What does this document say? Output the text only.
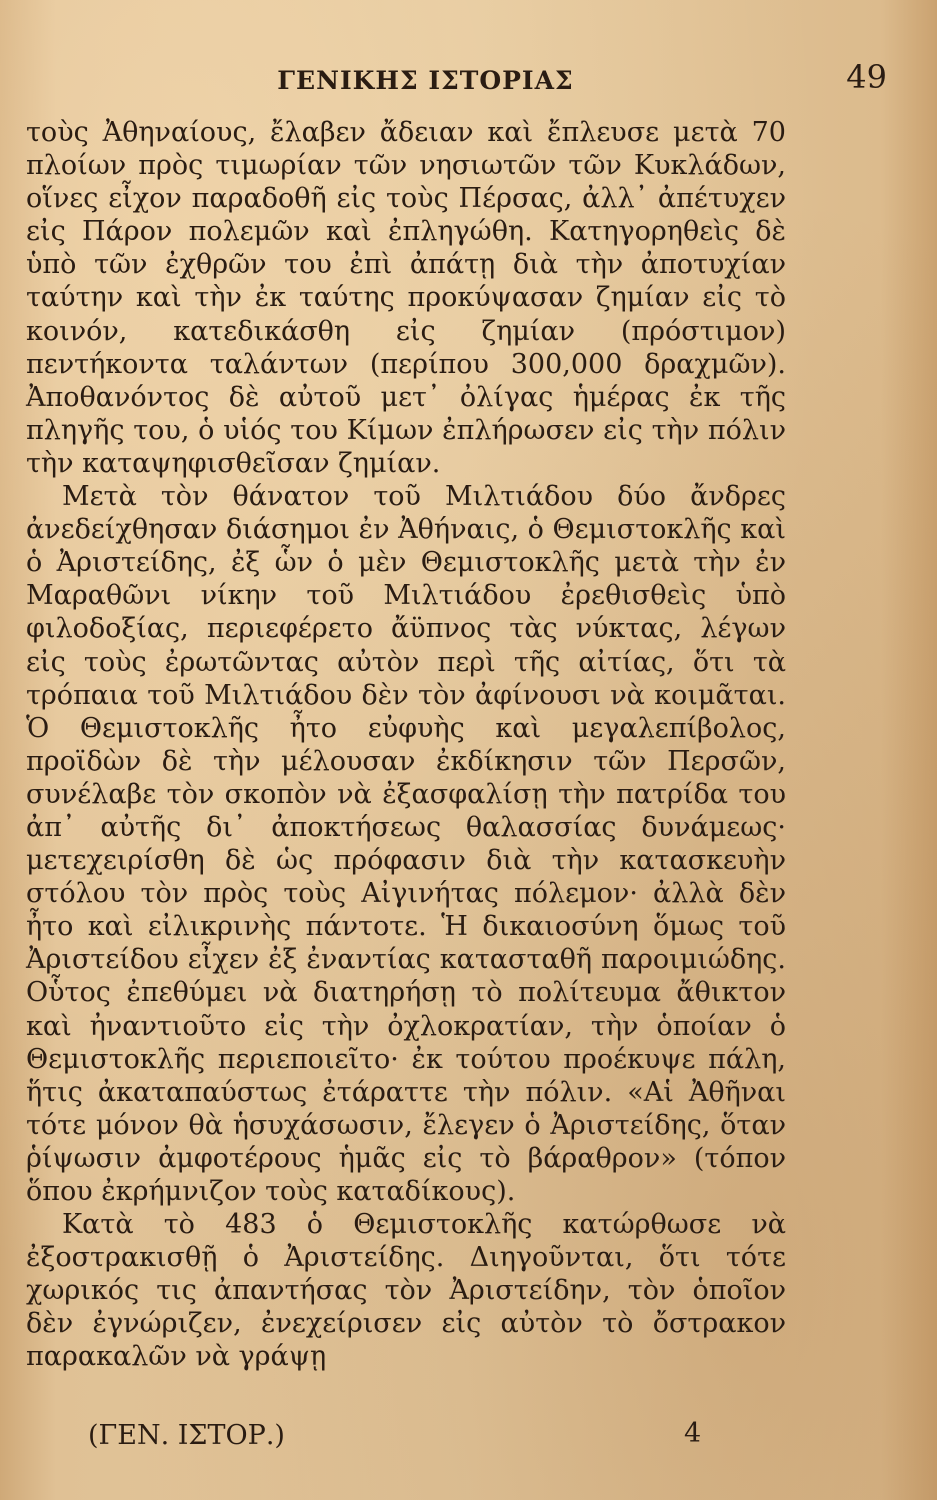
ΓΕΝΙΚΗΣ ΙΣΤΟΡΙΑΣ	49

τοὺς Ἀθηναίους, ἔλαβεν ἄδειαν καὶ ἔπλευσε μετὰ 70 πλοίων πρὸς τιμωρίαν τῶν νησιωτῶν τῶν Κυκλάδων, οἵνες εἶχον παραδοθῆ εἰς τοὺς Πέρσας, ἀλλ᾽ ἀπέτυχεν εἰς Πάρον πολεμῶν καὶ ἐπληγώθη. Κατηγορηθεὶς δὲ ὑπὸ τῶν ἐχθρῶν του ἐπὶ ἀπάτῃ διὰ τὴν ἀποτυχίαν ταύτην καὶ τὴν ἐκ ταύτης προκύψασαν ζημίαν εἰς τὸ κοινόν, κατεδικάσθη εἰς ζημίαν (πρόστιμον) πεντήκοντα ταλάντων (περίπου 300,000 δραχμῶν). Ἀποθανόντος δὲ αὐτοῦ μετ᾽ ὀλίγας ἡμέρας ἐκ τῆς πληγῆς του, ὁ υἱός του Κίμων ἐπλήρωσεν εἰς τὴν πόλιν τὴν καταψηφισθεῖσαν ζημίαν.

Μετὰ τὸν θάνατον τοῦ Μιλτιάδου δύο ἄνδρες ἀνεδείχθησαν διάσημοι ἐν Ἀθήναις, ὁ Θεμιστοκλῆς καὶ ὁ Ἀριστείδης, ἐξ ὧν ὁ μὲν Θεμιστοκλῆς μετὰ τὴν ἐν Μαραθῶνι νίκην τοῦ Μιλτιάδου ἐρεθισθεὶς ὑπὸ φιλοδοξίας, περιεφέρετο ἄϋπνος τὰς νύκτας, λέγων εἰς τοὺς ἐρωτῶντας αὐτὸν περὶ τῆς αἰτίας, ὅτι τὰ τρόπαια τοῦ Μιλτιάδου δὲν τὸν ἀφίνουσι νὰ κοιμᾶται. Ὁ Θεμιστοκλῆς ἦτο εὐφυὴς καὶ μεγαλεπίβολος, προϊδὼν δὲ τὴν μέλουσαν ἐκδίκησιν τῶν Περσῶν, συνέλαβε τὸν σκοπὸν νὰ ἐξασφαλίσῃ τὴν πατρίδα του ἀπ᾽ αὐτῆς δι᾽ ἀποκτήσεως θαλασσίας δυνάμεως· μετεχειρίσθη δὲ ὡς πρόφασιν διὰ τὴν κατασκευὴν στόλου τὸν πρὸς τοὺς Αἰγινήτας πόλεμον· ἀλλὰ δὲν ἦτο καὶ εἰλικρινὴς πάντοτε. Ἡ δικαιοσύνη ὅμως τοῦ Ἀριστείδου εἶχεν ἐξ ἐναντίας κατασταθῆ παροιμιώδης. Οὗτος ἐπεθύμει νὰ διατηρήσῃ τὸ πολίτευμα ἄθικτον καὶ ἠναντιοῦτο εἰς τὴν ὀχλοκρατίαν, τὴν ὁποίαν ὁ Θεμιστοκλῆς περιεποιεῖτο· ἐκ τούτου προέκυψε πάλη, ἥτις ἀκαταπαύστως ἐτάραττε τὴν πόλιν. «Αἱ Ἀθῆναι τότε μόνον θὰ ἡσυχάσωσιν, ἔλεγεν ὁ Ἀριστείδης, ὅταν ῥίψωσιν ἀμφοτέρους ἡμᾶς εἰς τὸ βάραθρον» (τόπον ὅπου ἐκρήμνιζον τοὺς καταδίκους).

Κατὰ τὸ 483 ὁ Θεμιστοκλῆς κατώρθωσε νὰ ἐξοστρακισθῇ ὁ Ἀριστείδης. Διηγοῦνται, ὅτι τότε χωρικός τις ἀπαντήσας τὸν Ἀριστείδην, τὸν ὁποῖον δὲν ἐγνώριζεν, ἐνεχείρισεν εἰς αὐτὸν τὸ ὄστρακον παρακαλῶν νὰ γράψῃ

(ΓΕΝ. ΙΣΤΟΡ.)	4
